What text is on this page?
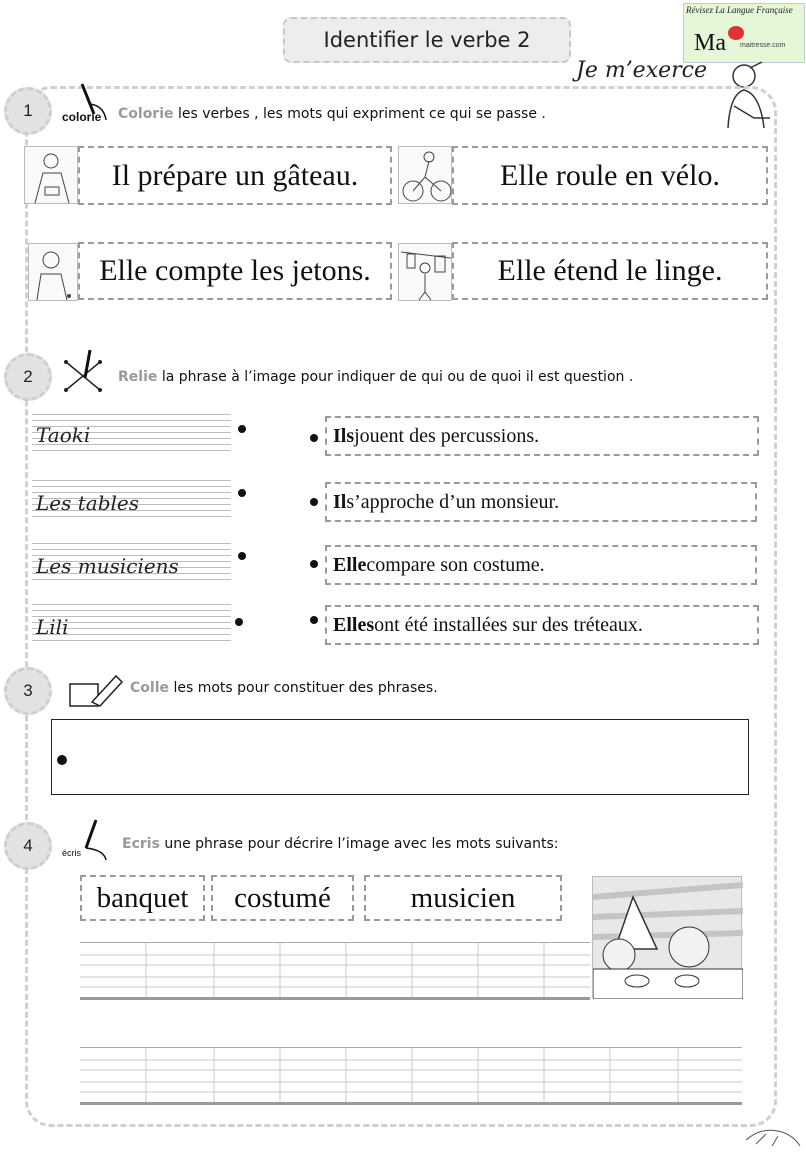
Identifier le verbe 2
Révisez La Langue Française
Ma maitresse.com
Je m’exerce
1	colorie Colorie les verbes , les mots qui expriment ce qui se passe .
Il prépare un gâteau.	Elle roule en vélo.
Elle compte les jetons.	Elle étend le linge.
2	Relie la phrase à l’image pour indiquer de qui ou de quoi il est question .
Taoki
Les tables
Les musiciens
Lili
Ils jouent des percussions.
Il s’approche d’un monsieur.
Elle compare son costume.
Elles ont été installées sur des tréteaux.
3	Colle les mots pour constituer des phrases.
4	écris
Ecris une phrase pour décrire l’image avec les mots suivants:
banquet	costumé	musicien
